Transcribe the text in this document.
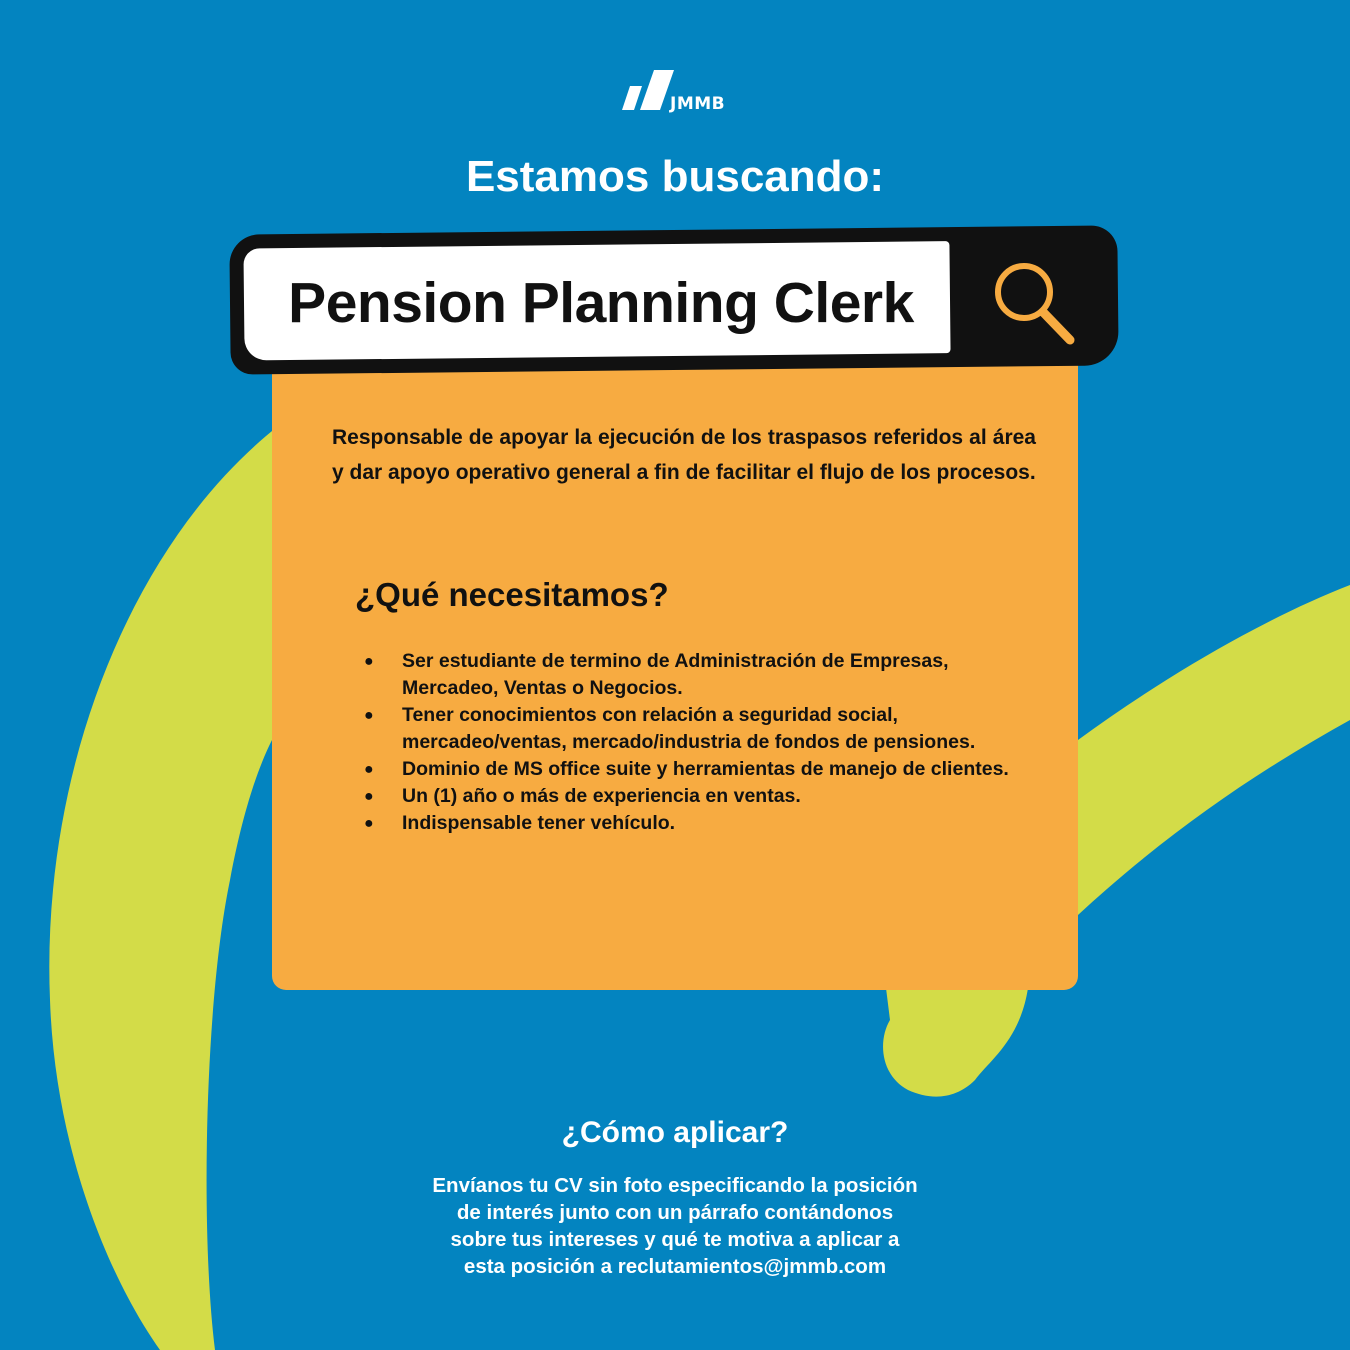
JMMB
Estamos buscando:
Pension Planning Clerk
Responsable de apoyar la ejecución de los traspasos referidos al área y dar apoyo operativo general a fin de facilitar el flujo de los procesos.
¿Qué necesitamos?
● Ser estudiante de termino de Administración de Empresas, Mercadeo, Ventas o Negocios.
● Tener conocimientos con relación a seguridad social, mercadeo/ventas, mercado/industria de fondos de pensiones.
● Dominio de MS office suite y herramientas de manejo de clientes.
● Un (1) año o más de experiencia en ventas.
● Indispensable tener vehículo.
¿Cómo aplicar?
Envíanos tu CV sin foto especificando la posición
de interés junto con un párrafo contándonos
sobre tus intereses y qué te motiva a aplicar a
esta posición a reclutamientos@jmmb.com
